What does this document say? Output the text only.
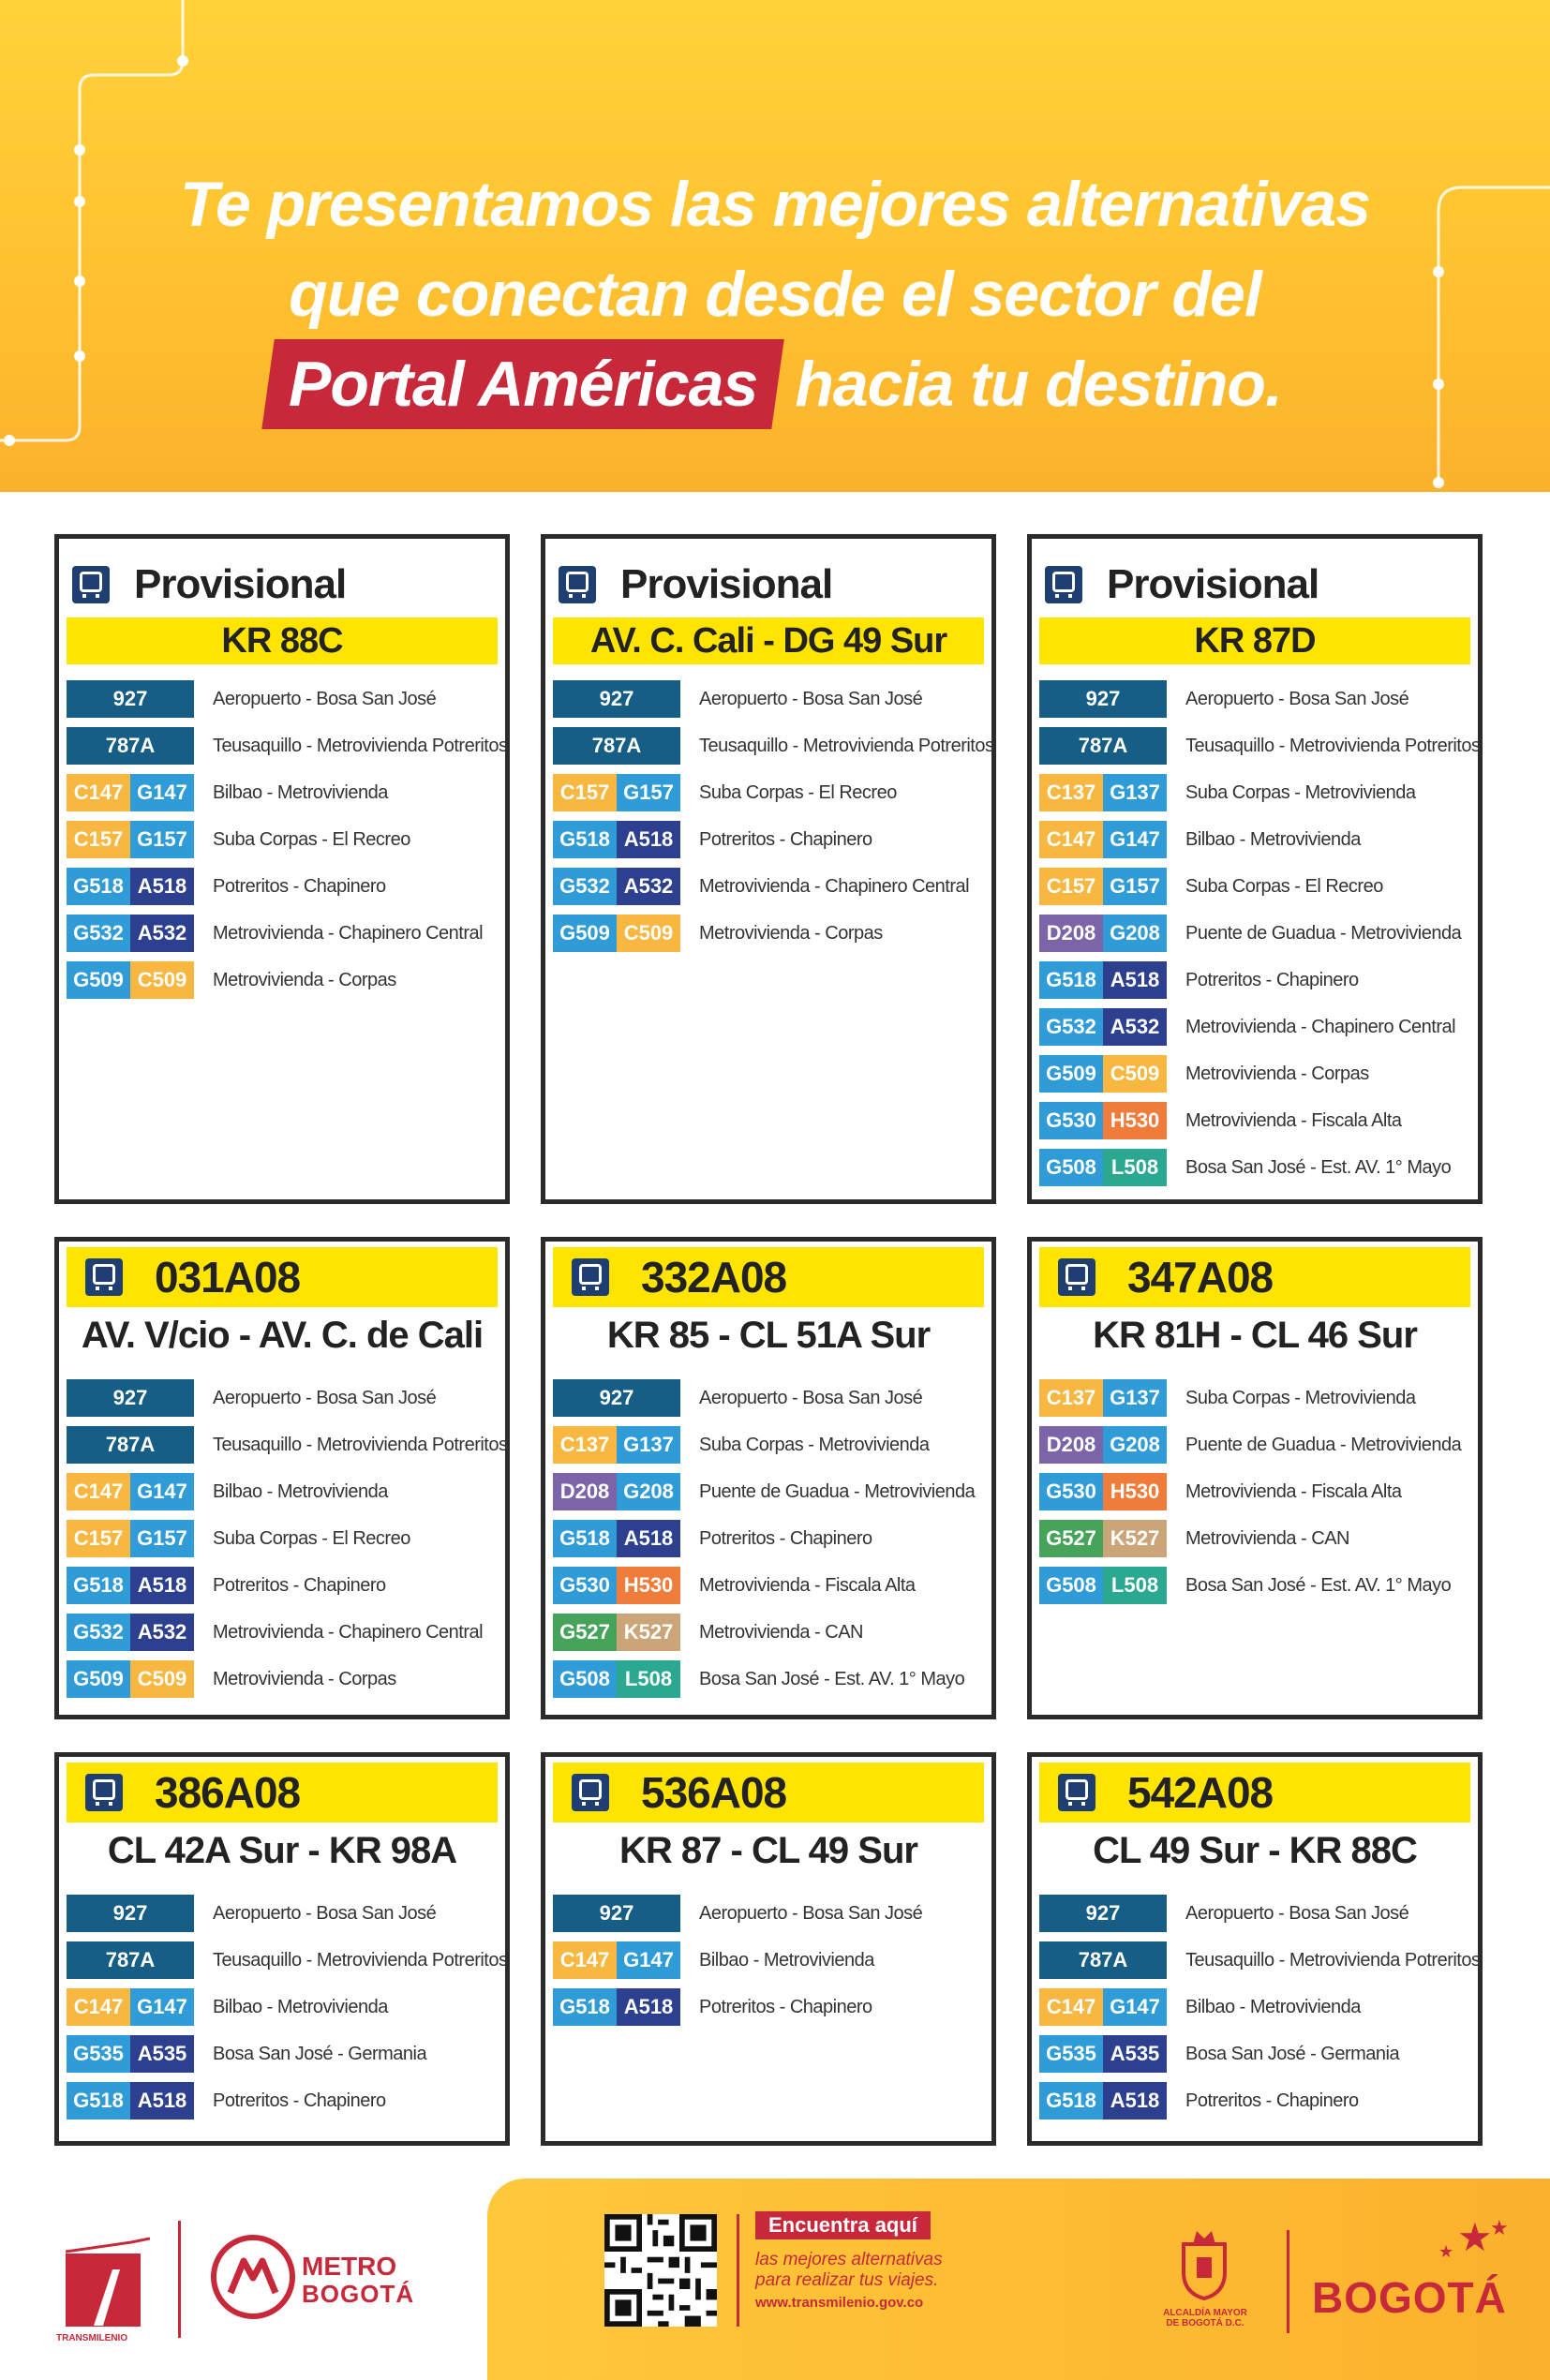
Te presentamos las mejores alternativas
que conectan desde el sector del
Portal Américas hacia tu destino.
Provisional
KR 88C
927	Aeropuerto - Bosa San José
787A	Teusaquillo - Metrovivienda Potreritos
C147 G147	Bilbao - Metrovivienda
C157 G157	Suba Corpas - El Recreo
G518 A518	Potreritos - Chapinero
G532 A532	Metrovivienda - Chapinero Central
G509 C509	Metrovivienda - Corpas
Provisional
AV. C. Cali - DG 49 Sur
927	Aeropuerto - Bosa San José
787A	Teusaquillo - Metrovivienda Potreritos
C157 G157	Suba Corpas - El Recreo
G518 A518	Potreritos - Chapinero
G532 A532	Metrovivienda - Chapinero Central
G509 C509	Metrovivienda - Corpas
Provisional
KR 87D
927	Aeropuerto - Bosa San José
787A	Teusaquillo - Metrovivienda Potreritos
C137 G137	Suba Corpas - Metrovivienda
C147 G147	Bilbao - Metrovivienda
C157 G157	Suba Corpas - El Recreo
D208 G208	Puente de Guadua - Metrovivienda
G518 A518	Potreritos - Chapinero
G532 A532	Metrovivienda - Chapinero Central
G509 C509	Metrovivienda - Corpas
G530 H530	Metrovivienda - Fiscala Alta
G508 L508	Bosa San José - Est. AV. 1° Mayo
031A08
AV. V/cio - AV. C. de Cali
927	Aeropuerto - Bosa San José
787A	Teusaquillo - Metrovivienda Potreritos
C147 G147	Bilbao - Metrovivienda
C157 G157	Suba Corpas - El Recreo
G518 A518	Potreritos - Chapinero
G532 A532	Metrovivienda - Chapinero Central
G509 C509	Metrovivienda - Corpas
332A08
KR 85 - CL 51A Sur
927	Aeropuerto - Bosa San José
C137 G137	Suba Corpas - Metrovivienda
D208 G208	Puente de Guadua - Metrovivienda
G518 A518	Potreritos - Chapinero
G530 H530	Metrovivienda - Fiscala Alta
G527 K527	Metrovivienda - CAN
G508 L508	Bosa San José - Est. AV. 1° Mayo
347A08
KR 81H - CL 46 Sur
C137 G137	Suba Corpas - Metrovivienda
D208 G208	Puente de Guadua - Metrovivienda
G530 H530	Metrovivienda - Fiscala Alta
G527 K527	Metrovivienda - CAN
G508 L508	Bosa San José - Est. AV. 1° Mayo
386A08
CL 42A Sur - KR 98A
927	Aeropuerto - Bosa San José
787A	Teusaquillo - Metrovivienda Potreritos
C147 G147	Bilbao - Metrovivienda
G535 A535	Bosa San José - Germania
G518 A518	Potreritos - Chapinero
536A08
KR 87 - CL 49 Sur
927	Aeropuerto - Bosa San José
C147 G147	Bilbao - Metrovivienda
G518 A518	Potreritos - Chapinero
542A08
CL 49 Sur - KR 88C
927	Aeropuerto - Bosa San José
787A	Teusaquillo - Metrovivienda Potreritos
C147 G147	Bilbao - Metrovivienda
G535 A535	Bosa San José - Germania
G518 A518	Potreritos - Chapinero
TRANSMILENIO
METRO
BOGOTÁ
Encuentra aquí
las mejores alternativas
para realizar tus viajes.
www.transmilenio.gov.co
ALCALDÍA MAYOR
DE BOGOTÁ D.C.
BOGOTÁ
★
★
★
